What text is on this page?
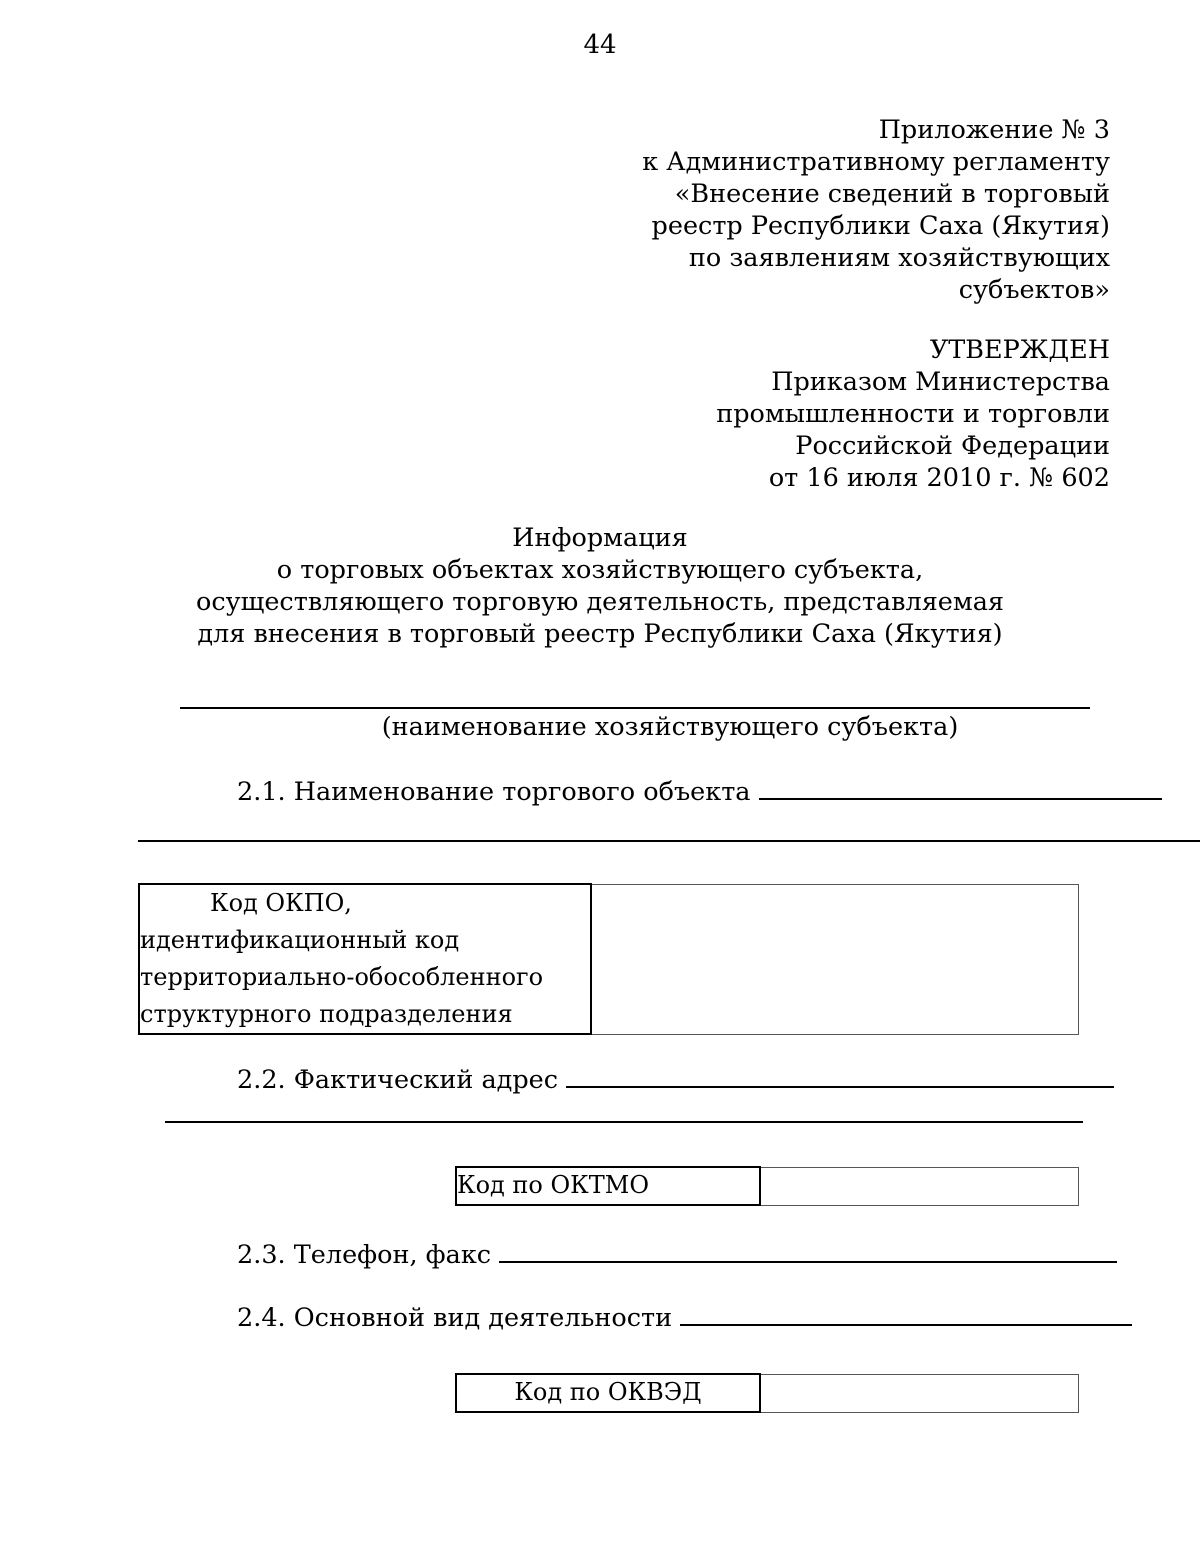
44
Приложение № 3
к Административному регламенту
«Внесение сведений в торговый
реестр Республики Саха (Якутия)
по заявлениям хозяйствующих
субъектов»
УТВЕРЖДЕН
Приказом Министерства
промышленности и торговли
Российской Федерации
от 16 июля 2010 г. № 602
Информация
о торговых объектах хозяйствующего субъекта,
осуществляющего торговую деятельность, представляемая
для внесения в торговый реестр Республики Саха (Якутия)
(наименование хозяйствующего субъекта)
2.1. Наименование торгового объекта
Код ОКПО,
идентификационный код
территориально-обособленного
структурного подразделения

2.2. Фактический адрес
Код по ОКТМО	
2.3. Телефон, факс
2.4. Основной вид деятельности
Код по ОКВЭД	
